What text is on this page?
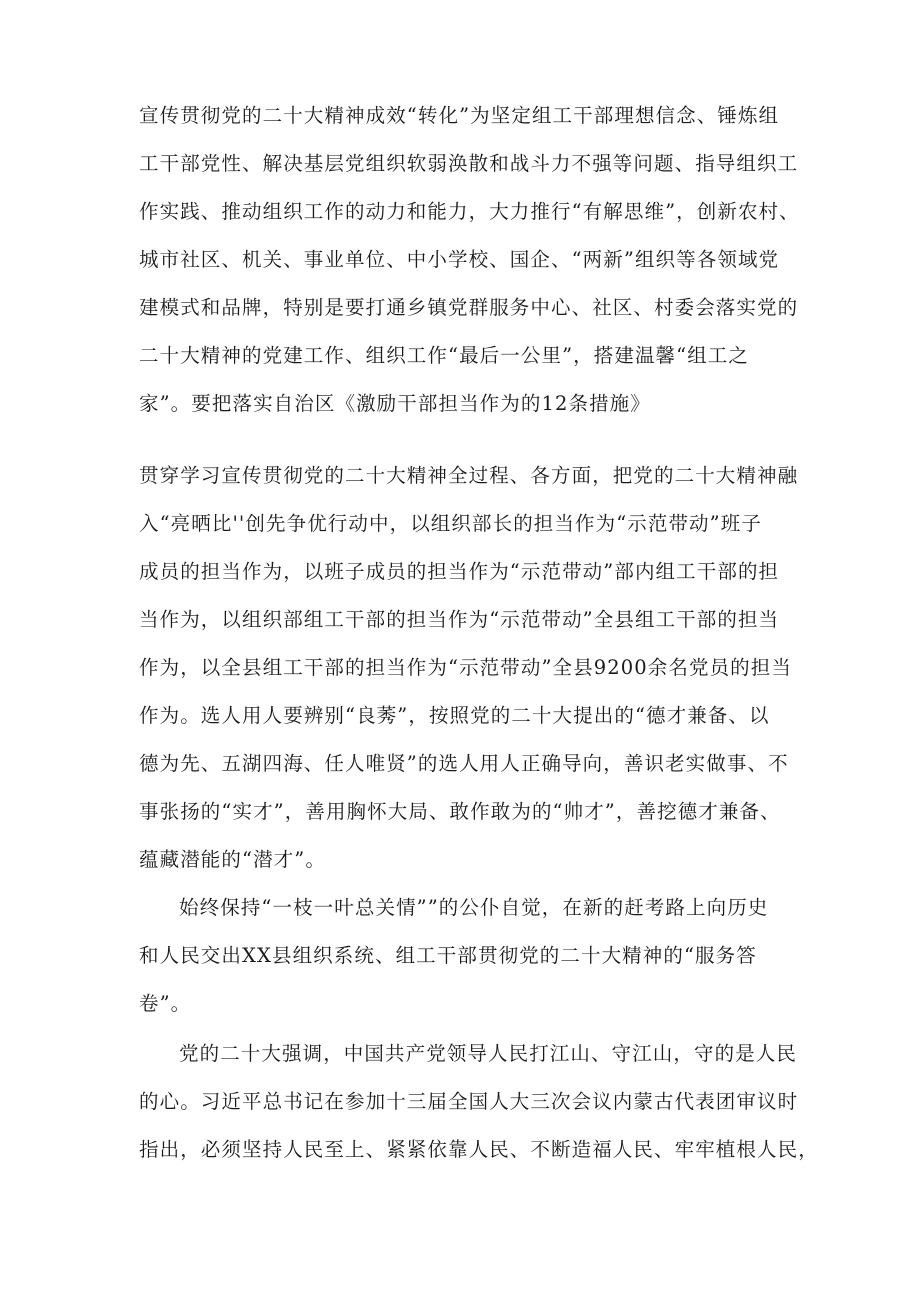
宣传贯彻党的二十大精神成效“转化”为坚定组工干部理想信念、锤炼组
工干部党性、解决基层党组织软弱涣散和战斗力不强等问题、指导组织工
作实践、推动组织工作的动力和能力，大力推行“有解思维”，创新农村、
城市社区、机关、事业单位、中小学校、国企、“两新”组织等各领域党
建模式和品牌，特别是要打通乡镇党群服务中心、社区、村委会落实党的
二十大精神的党建工作、组织工作“最后一公里”，搭建温馨“组工之
家”。要把落实自治区《激励干部担当作为的12条措施》
贯穿学习宣传贯彻党的二十大精神全过程、各方面，把党的二十大精神融
入“亮晒比''创先争优行动中，以组织部长的担当作为“示范带动”班子
成员的担当作为，以班子成员的担当作为“示范带动”部内组工干部的担
当作为，以组织部组工干部的担当作为“示范带动”全县组工干部的担当
作为，以全县组工干部的担当作为“示范带动”全县9200余名党员的担当
作为。选人用人要辨别“良莠”，按照党的二十大提出的“德才兼备、以
德为先、五湖四海、任人唯贤”的选人用人正确导向，善识老实做事、不
事张扬的“实才”，善用胸怀大局、敢作敢为的“帅才”，善挖德才兼备、
蕴藏潜能的“潜才”。
始终保持“一枝一叶总关情””的公仆自觉，在新的赶考路上向历史
和人民交出XX县组织系统、组工干部贯彻党的二十大精神的“服务答
卷”。
党的二十大强调，中国共产党领导人民打江山、守江山，守的是人民
的心。习近平总书记在参加十三届全国人大三次会议内蒙古代表团审议时
指出，必须坚持人民至上、紧紧依靠人民、不断造福人民、牢牢植根人民，
